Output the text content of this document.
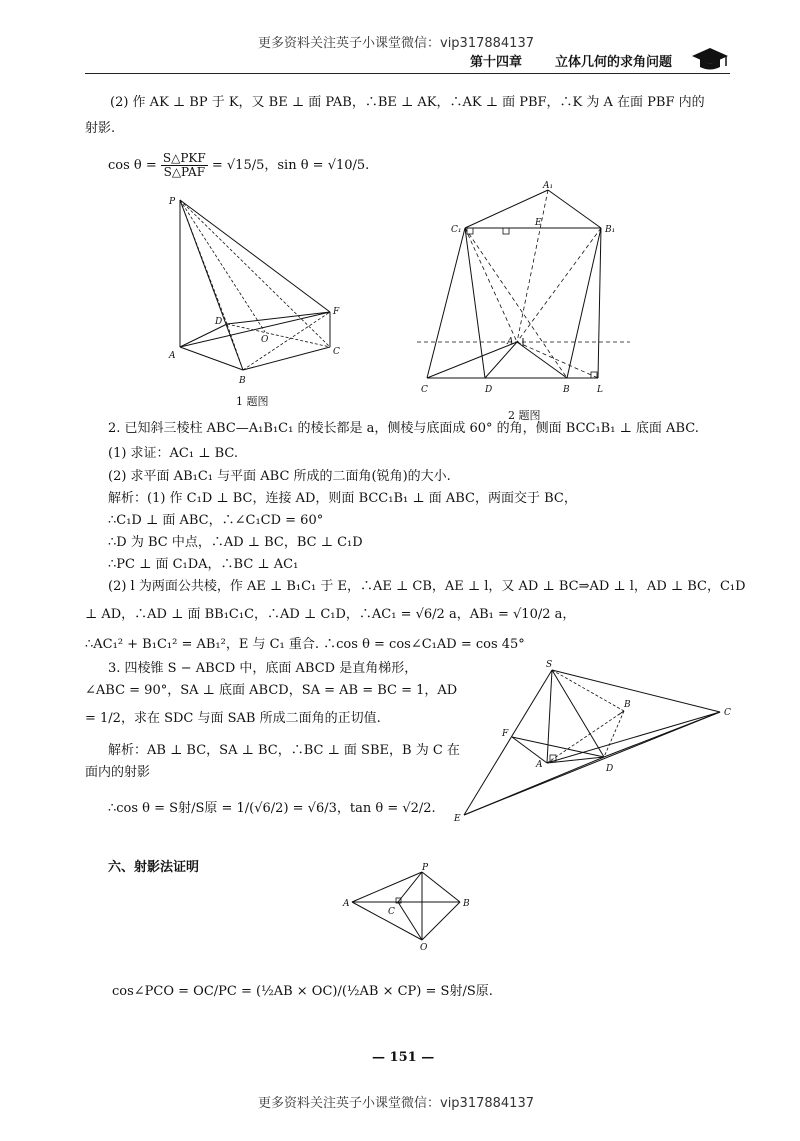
更多资料关注英子小课堂微信：vip317884137
第十四章	立体几何的求角问题
(2) 作 AK ⊥ BP 于 K，又 BE ⊥ 面 PAB，∴BE ⊥ AK，∴AK ⊥ 面 PBF，∴K 为 A 在面 PBF 内的
射影.
$\cos \theta = \frac{\text{S△PKF}}{\text{S△PAF}} = √15/5$，sin θ = √10/5.
P
D
O
F
A	C
B
1 题图
A₁
C₁
E
B₁
A
C	D	B	L
2 题图
2. 已知斜三棱柱 ABC—A₁B₁C₁ 的棱长都是 a，侧棱与底面成 60° 的角，侧面 BCC₁B₁ ⊥ 底面 ABC.
(1) 求证：AC₁ ⊥ BC.
(2) 求平面 AB₁C₁ 与平面 ABC 所成的二面角(锐角)的大小.
解析：(1) 作 C₁D ⊥ BC，连接 AD，则面 BCC₁B₁ ⊥ 面 ABC，两面交于 BC，
∴C₁D ⊥ 面 ABC，∴∠C₁CD = 60°
∴D 为 BC 中点，∴AD ⊥ BC，BC ⊥ C₁D
∴PC ⊥ 面 C₁DA，∴BC ⊥ AC₁
(2) l 为两面公共棱，作 AE ⊥ B₁C₁ 于 E，∴AE ⊥ CB，AE ⊥ l，又 AD ⊥ BC⇒AD ⊥ l，AD ⊥ BC，C₁D
⊥ AD，∴AD ⊥ 面 BB₁C₁C，∴AD ⊥ C₁D，∴AC₁ = √6/2 a，AB₁ = √10/2 a，
∴AC₁² + B₁C₁² = AB₁²，E 与 C₁ 重合. ∴cos θ = cos∠C₁AD = cos 45°
3. 四棱锥 S − ABCD 中，底面 ABCD 是直角梯形，
∠ABC = 90°，SA ⊥ 底面 ABCD，SA = AB = BC = 1，AD
= 1/2，求在 SDC 与面 SAB 所成二面角的正切值.
解析：AB ⊥ BC，SA ⊥ BC，∴BC ⊥ 面 SBE，B 为 C 在
面内的射影
∴cos θ = S射/S原 = 1/(√6/2) = √6/3，tan θ = √2/2.
S
B
C
F
A	D
E
六、射影法证明	P
A
C
B
O
cos∠PCO = OC/PC = (½AB × OC)/(½AB × CP) = S射/S原.
— 151 —
更多资料关注英子小课堂微信：vip317884137
